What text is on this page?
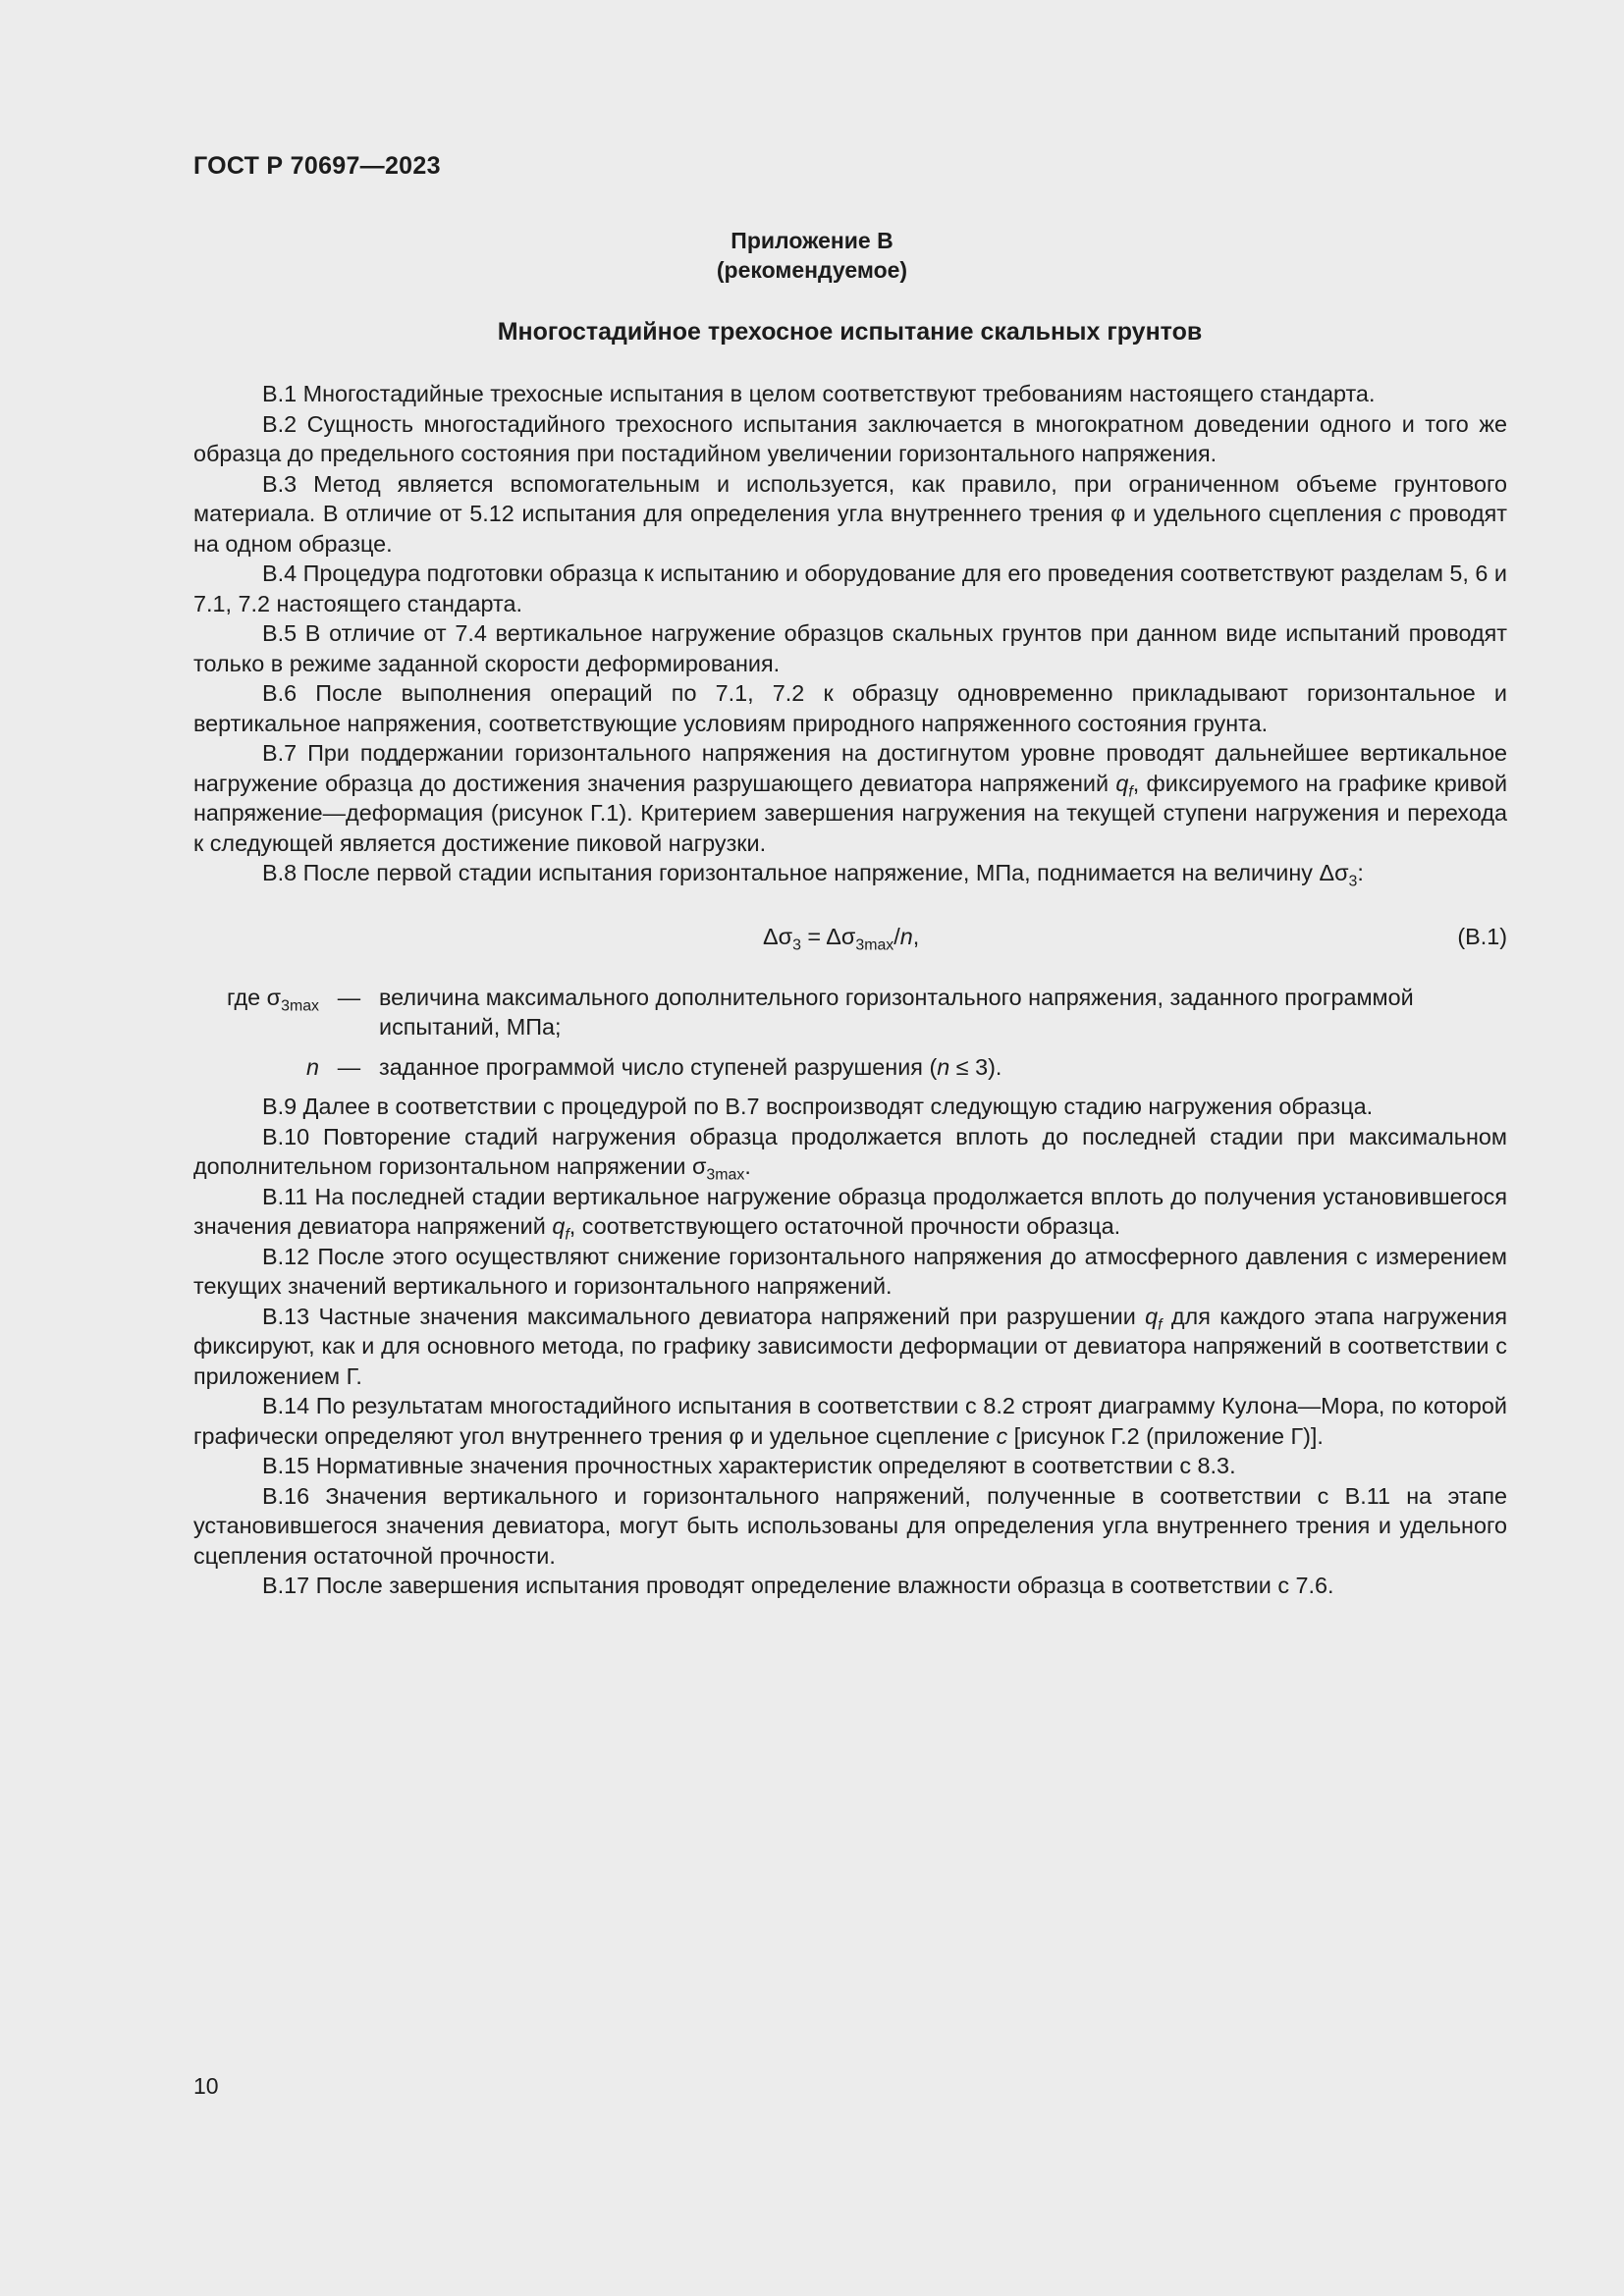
ГОСТ Р 70697—2023
Приложение В
(рекомендуемое)
Многостадийное трехосное испытание скальных грунтов

В.1 Многостадийные трехосные испытания в целом соответствуют требованиям настоящего стандарта.

В.2 Сущность многостадийного трехосного испытания заключается в многократном доведении одного и того же образца до предельного состояния при постадийном увеличении горизонтального напряжения.

В.3 Метод является вспомогательным и используется, как правило, при ограниченном объеме грунтового материала. В отличие от 5.12 испытания для определения угла внутреннего трения φ и удельного сцепления c проводят на одном образце.

В.4 Процедура подготовки образца к испытанию и оборудование для его проведения соответствуют разделам 5, 6 и 7.1, 7.2 настоящего стандарта.

В.5 В отличие от 7.4 вертикальное нагружение образцов скальных грунтов при данном виде испытаний проводят только в режиме заданной скорости деформирования.

В.6 После выполнения операций по 7.1, 7.2 к образцу одновременно прикладывают горизонтальное и вертикальное напряжения, соответствующие условиям природного напряженного состояния грунта.

В.7 При поддержании горизонтального напряжения на достигнутом уровне проводят дальнейшее вертикальное нагружение образца до достижения значения разрушающего девиатора напряжений $q_f$, фиксируемого на графике кривой напряжение—деформация (рисунок Г.1). Критерием завершения нагружения на текущей ступени нагружения и перехода к следующей является достижение пиковой нагрузки.

В.8 После первой стадии испытания горизонтальное напряжение, МПа, поднимается на величину $\Delta\sigma_3$:

$\Delta\sigma_3 = \Delta\sigma_{3max}/n$,	(В.1)
где $\sigma_{3max}$ — величина максимального дополнительного горизонтального напряжения, заданного программой испытаний, МПа;
n — заданное программой число ступеней разрушения (n ≤ 3).

В.9 Далее в соответствии с процедурой по В.7 воспроизводят следующую стадию нагружения образца.

В.10 Повторение стадий нагружения образца продолжается вплоть до последней стадии при максимальном дополнительном горизонтальном напряжении $\sigma_{3max}$.

В.11 На последней стадии вертикальное нагружение образца продолжается вплоть до получения установившегося значения девиатора напряжений $q_f$, соответствующего остаточной прочности образца.

В.12 После этого осуществляют снижение горизонтального напряжения до атмосферного давления с измерением текущих значений вертикального и горизонтального напряжений.

В.13 Частные значения максимального девиатора напряжений при разрушении $q_f$ для каждого этапа нагружения фиксируют, как и для основного метода, по графику зависимости деформации от девиатора напряжений в соответствии с приложением Г.

В.14 По результатам многостадийного испытания в соответствии с 8.2 строят диаграмму Кулона—Мора, по которой графически определяют угол внутреннего трения φ и удельное сцепление c [рисунок Г.2 (приложение Г)].

В.15 Нормативные значения прочностных характеристик определяют в соответствии с 8.3.

В.16 Значения вертикального и горизонтального напряжений, полученные в соответствии с В.11 на этапе установившегося значения девиатора, могут быть использованы для определения угла внутреннего трения и удельного сцепления остаточной прочности.

В.17 После завершения испытания проводят определение влажности образца в соответствии с 7.6.

10
